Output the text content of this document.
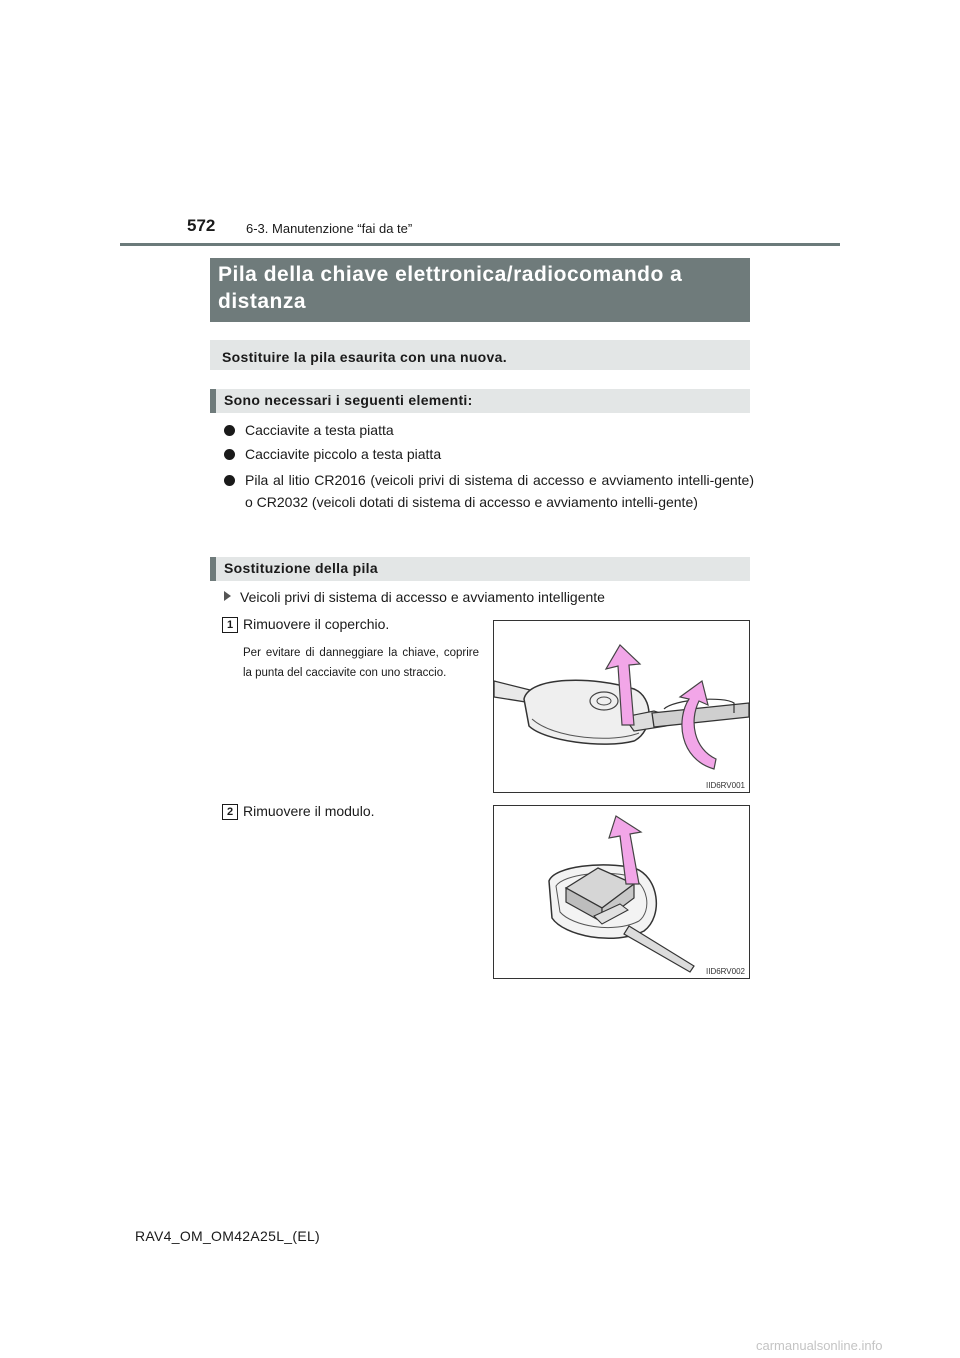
572 6-3. Manutenzione “fai da te”
Pila della chiave elettronica/radiocomando a distanza
Sostituire la pila esaurita con una nuova.
Sono necessari i seguenti elementi:
Cacciavite a testa piatta
Cacciavite piccolo a testa piatta
Pila al litio CR2016 (veicoli privi di sistema di accesso e avviamento intelli-gente) o CR2032 (veicoli dotati di sistema di accesso e avviamento intelli-gente)
Sostituzione della pila
Veicoli privi di sistema di accesso e avviamento intelligente
1 Rimuovere il coperchio.
Per evitare di danneggiare la chiave, coprire la punta del cacciavite con uno straccio.
IID6RV001
2 Rimuovere il modulo.
IID6RV002
RAV4_OM_OM42A25L_(EL)
carmanualsonline.info
